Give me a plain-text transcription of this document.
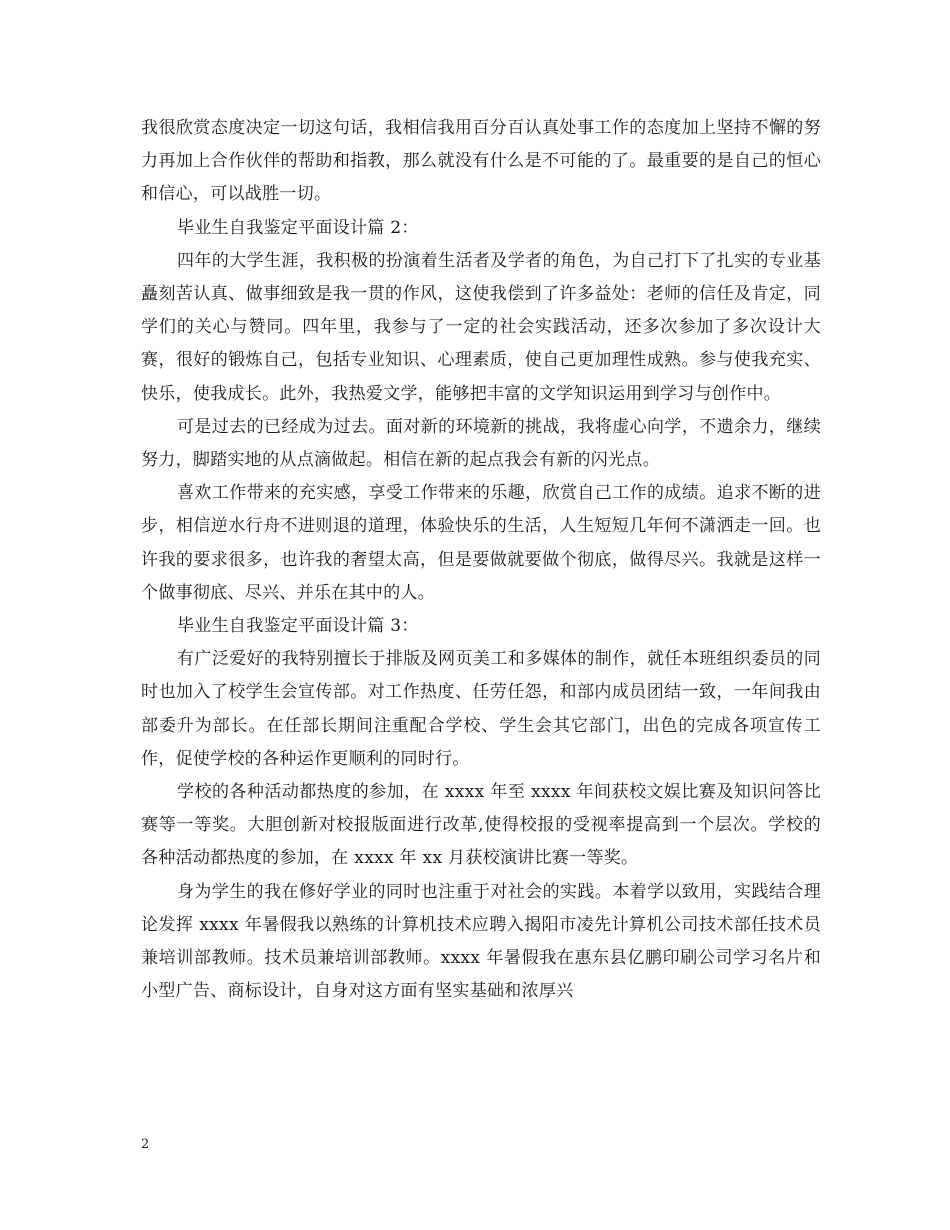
我很欣赏态度决定一切这句话，我相信我用百分百认真处事工作的态度加上坚持不懈的努力再加上合作伙伴的帮助和指教，那么就没有什么是不可能的了。最重要的是自己的恒心和信心，可以战胜一切。

毕业生自我鉴定平面设计篇 2：

四年的大学生涯，我积极的扮演着生活者及学者的角色，为自己打下了扎实的专业基矗刻苦认真、做事细致是我一贯的作风，这使我偿到了许多益处：老师的信任及肯定，同学们的关心与赞同。四年里，我参与了一定的社会实践活动，还多次参加了多次设计大赛，很好的锻炼自己，包括专业知识、心理素质，使自己更加理性成熟。参与使我充实、快乐，使我成长。此外，我热爱文学，能够把丰富的文学知识运用到学习与创作中。

可是过去的已经成为过去。面对新的环境新的挑战，我将虚心向学，不遗余力，继续努力，脚踏实地的从点滴做起。相信在新的起点我会有新的闪光点。

喜欢工作带来的充实感，享受工作带来的乐趣，欣赏自己工作的成绩。追求不断的进步，相信逆水行舟不进则退的道理，体验快乐的生活，人生短短几年何不潇洒走一回。也许我的要求很多，也许我的奢望太高，但是要做就要做个彻底，做得尽兴。我就是这样一个做事彻底、尽兴、并乐在其中的人。

毕业生自我鉴定平面设计篇 3：

有广泛爱好的我特别擅长于排版及网页美工和多媒体的制作，就任本班组织委员的同时也加入了校学生会宣传部。对工作热度、任劳任怨，和部内成员团结一致，一年间我由部委升为部长。在任部长期间注重配合学校、学生会其它部门，出色的完成各项宣传工作，促使学校的各种运作更顺利的同时行。

学校的各种活动都热度的参加，在 xxxx 年至 xxxx 年间获校文娱比赛及知识问答比赛等一等奖。大胆创新对校报版面进行改革,使得校报的受视率提高到一个层次。学校的各种活动都热度的参加，在 xxxx 年 xx 月获校演讲比赛一等奖。

身为学生的我在修好学业的同时也注重于对社会的实践。本着学以致用，实践结合理论发挥 xxxx 年暑假我以熟练的计算机技术应聘入揭阳市凌先计算机公司技术部任技术员兼培训部教师。技术员兼培训部教师。xxxx 年暑假我在惠东县亿鹏印刷公司学习名片和小型广告、商标设计，自身对这方面有坚实基础和浓厚兴

2
